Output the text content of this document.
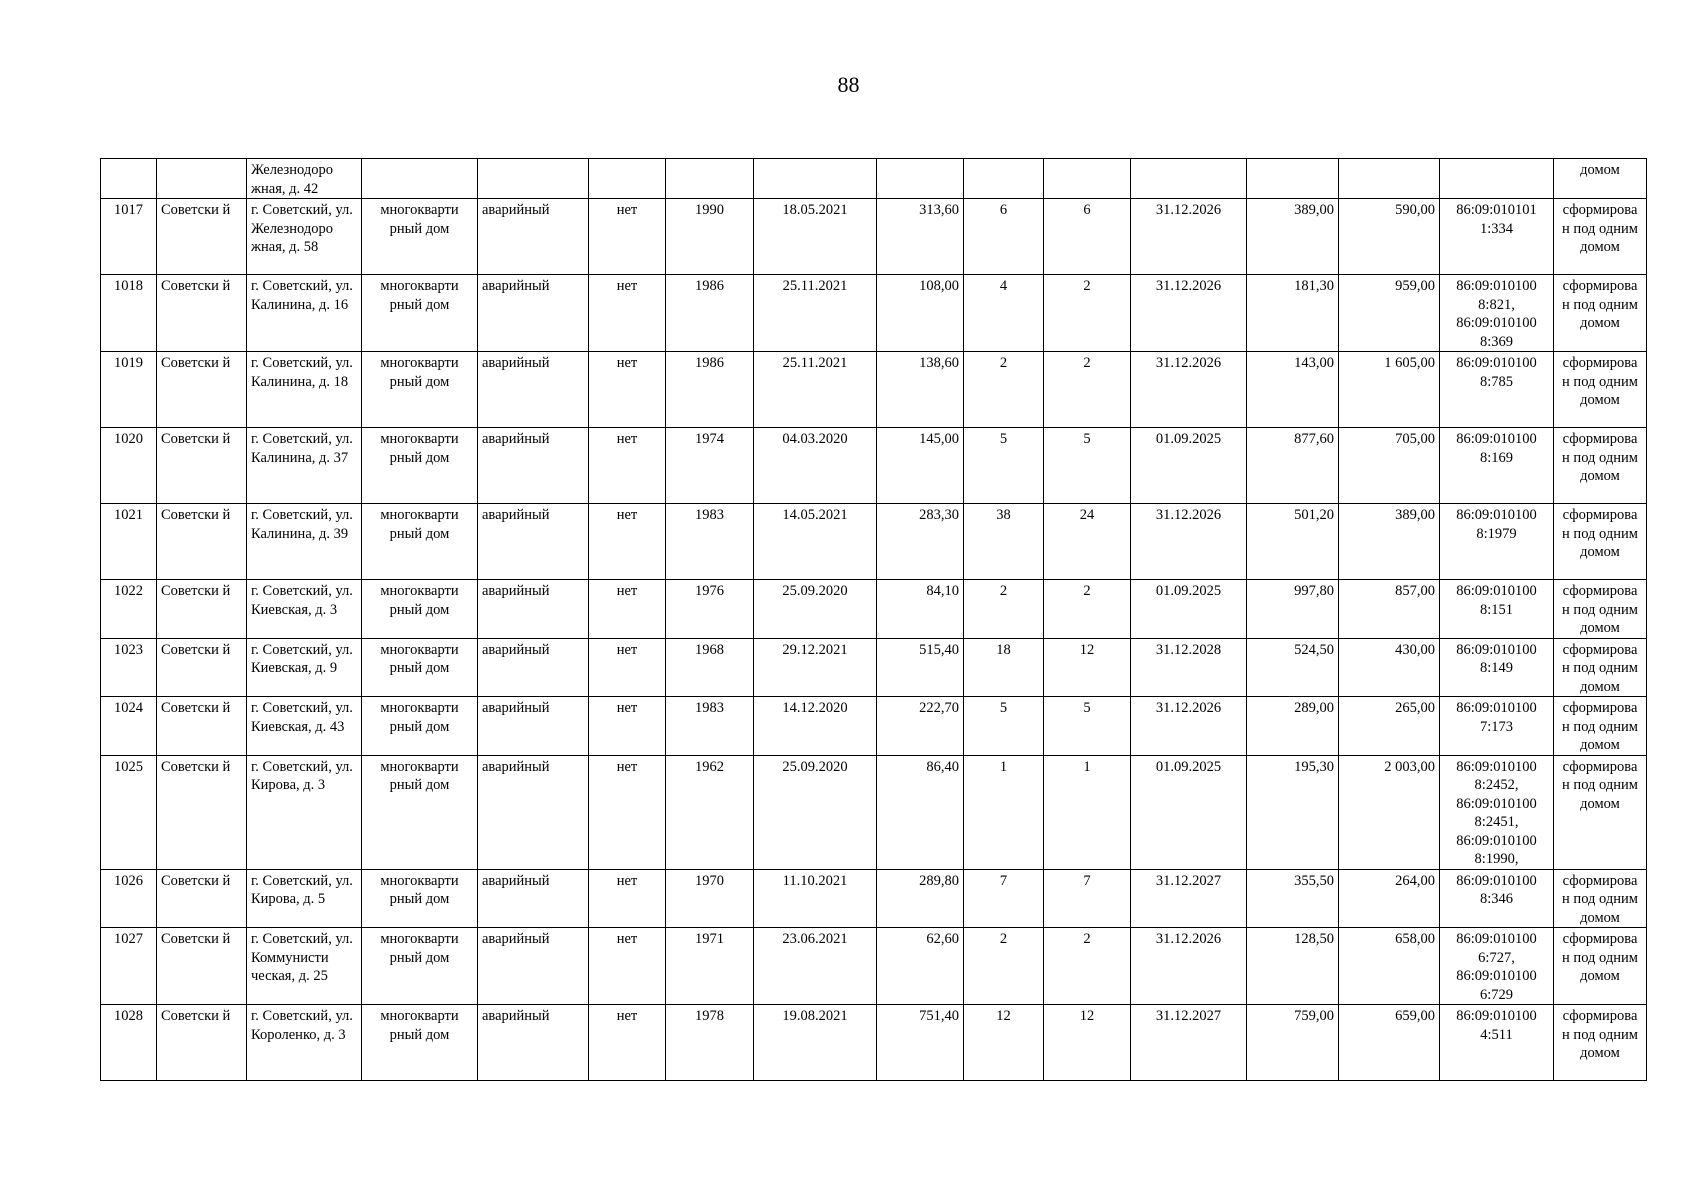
88
		Железнодоро жная, д. 42													домом
1017	Советски й	г. Советский, ул. Железнодоро жная, д. 58	многокварти рный дом	аварийный	нет	1990	18.05.2021	313,60	6	6	31.12.2026	389,00	590,00	86:09:010101 1:334	сформирова н под одним домом
1018	Советски й	г. Советский, ул. Калинина, д. 16	многокварти рный дом	аварийный	нет	1986	25.11.2021	108,00	4	2	31.12.2026	181,30	959,00	86:09:010100 8:821, 86:09:010100 8:369	сформирова н под одним домом
1019	Советски й	г. Советский, ул. Калинина, д. 18	многокварти рный дом	аварийный	нет	1986	25.11.2021	138,60	2	2	31.12.2026	143,00	1 605,00	86:09:010100 8:785	сформирова н под одним домом
1020	Советски й	г. Советский, ул. Калинина, д. 37	многокварти рный дом	аварийный	нет	1974	04.03.2020	145,00	5	5	01.09.2025	877,60	705,00	86:09:010100 8:169	сформирова н под одним домом
1021	Советски й	г. Советский, ул. Калинина, д. 39	многокварти рный дом	аварийный	нет	1983	14.05.2021	283,30	38	24	31.12.2026	501,20	389,00	86:09:010100 8:1979	сформирова н под одним домом
1022	Советски й	г. Советский, ул. Киевская, д. 3	многокварти рный дом	аварийный	нет	1976	25.09.2020	84,10	2	2	01.09.2025	997,80	857,00	86:09:010100 8:151	сформирова н под одним домом
1023	Советски й	г. Советский, ул. Киевская, д. 9	многокварти рный дом	аварийный	нет	1968	29.12.2021	515,40	18	12	31.12.2028	524,50	430,00	86:09:010100 8:149	сформирова н под одним домом
1024	Советски й	г. Советский, ул. Киевская, д. 43	многокварти рный дом	аварийный	нет	1983	14.12.2020	222,70	5	5	31.12.2026	289,00	265,00	86:09:010100 7:173	сформирова н под одним домом
1025	Советски й	г. Советский, ул. Кирова, д. 3	многокварти рный дом	аварийный	нет	1962	25.09.2020	86,40	1	1	01.09.2025	195,30	2 003,00	86:09:010100 8:2452, 86:09:010100 8:2451, 86:09:010100 8:1990,	сформирова н под одним домом
1026	Советски й	г. Советский, ул. Кирова, д. 5	многокварти рный дом	аварийный	нет	1970	11.10.2021	289,80	7	7	31.12.2027	355,50	264,00	86:09:010100 8:346	сформирова н под одним домом
1027	Советски й	г. Советский, ул. Коммунисти ческая, д. 25	многокварти рный дом	аварийный	нет	1971	23.06.2021	62,60	2	2	31.12.2026	128,50	658,00	86:09:010100 6:727, 86:09:010100 6:729	сформирова н под одним домом
1028	Советски й	г. Советский, ул. Короленко, д. 3	многокварти рный дом	аварийный	нет	1978	19.08.2021	751,40	12	12	31.12.2027	759,00	659,00	86:09:010100 4:511	сформирова н под одним домом
